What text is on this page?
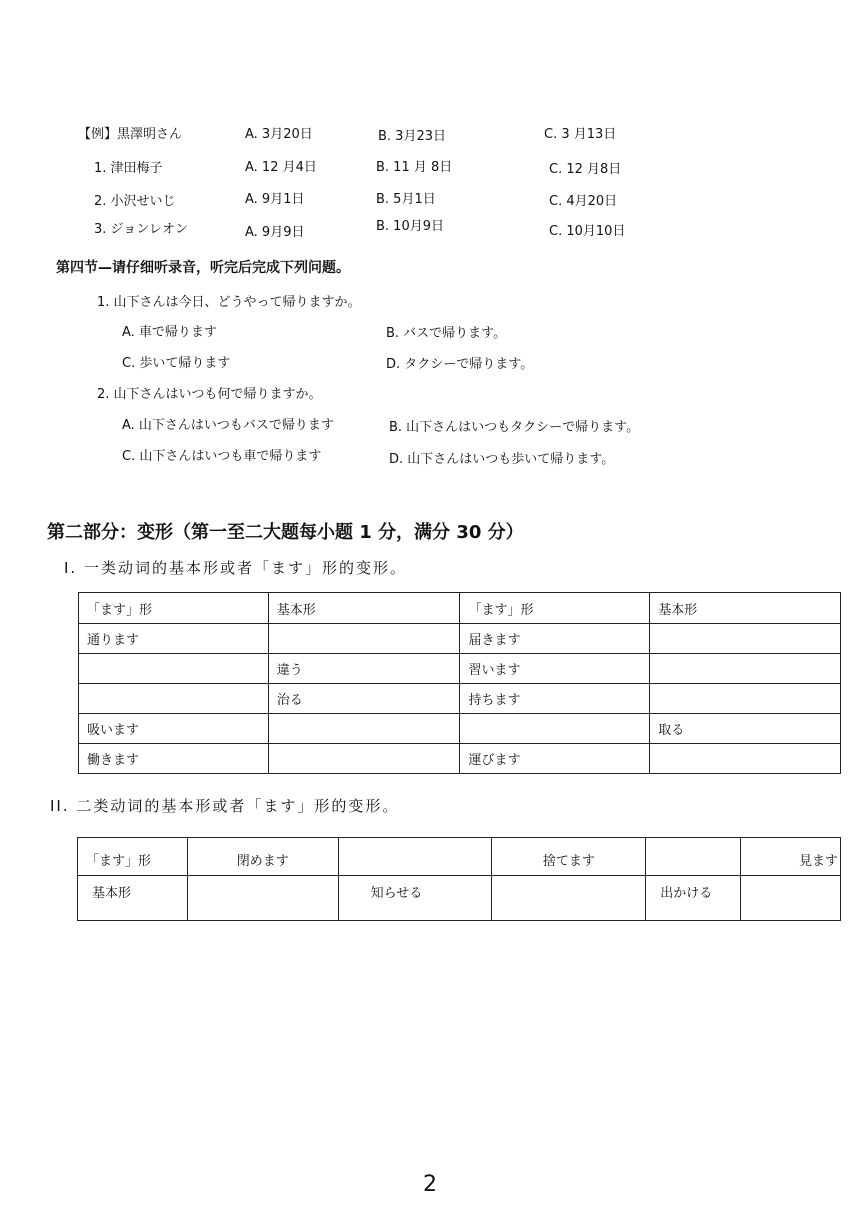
【例】黒澤明さん	A. 3月20日	B. 3月23日	C. 3 月13日
1. 津田梅子	A. 12 月4日	B. 11 月 8日	C. 12 月8日
2. 小沢せいじ	A. 9月1日	B. 5月1日	C. 4月20日
3. ジョンレオン	A. 9月9日	B. 10月9日	C. 10月10日
第四节—请仔细听录音，听完后完成下列问题。
1. 山下さんは今日、どうやって帰りますか。
A. 車で帰ります	B. バスで帰ります。
C. 歩いて帰ります	D. タクシーで帰ります。
2. 山下さんはいつも何で帰りますか。
A. 山下さんはいつもバスで帰ります	B. 山下さんはいつもタクシーで帰ります。
C. 山下さんはいつも車で帰ります	D. 山下さんはいつも歩いて帰ります。
第二部分：变形（第一至二大题每小题 1 分，满分 30 分）
I. 一类动词的基本形或者「ます」形的变形。
「ます」形	基本形	「ます」形	基本形
通ります		届きます	
	違う	習います	
	治る	持ちます	
吸います			取る
働きます		運びます	
II. 二类动词的基本形或者「ます」形的变形。
「ます」形	閉めます		捨てます		見ます
基本形		知らせる		出かける	
2
